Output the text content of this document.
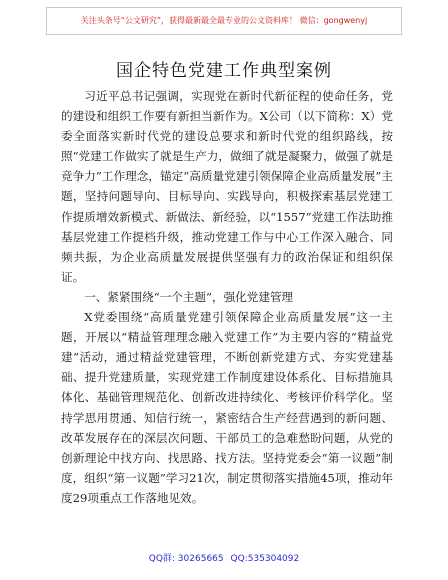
关注头条号“公文研究”，获得最新最全最专业的公文资料库！ 微信：gongwenyj
国企特色党建工作典型案例

习近平总书记强调，实现党在新时代新征程的使命任务，党的建设和组织工作要有新担当新作为。X公司（以下简称：X）党委全面落实新时代党的建设总要求和新时代党的组织路线，按照“党建工作做实了就是生产力，做细了就是凝聚力，做强了就是竞争力”工作理念，锚定“高质量党建引领保障企业高质量发展”主题，坚持问题导向、目标导向、实践导向，积极探索基层党建工作提质增效新模式、新做法、新经验，以“1557”党建工作法助推基层党建工作提档升级，推动党建工作与中心工作深入融合、同频共振，为企业高质量发展提供坚强有力的政治保证和组织保证。

一、紧紧围绕“一个主题”，强化党建管理

X党委围绕“高质量党建引领保障企业高质量发展”这一主题，开展以“精益管理理念融入党建工作”为主要内容的“精益党建”活动，通过精益党建管理，不断创新党建方式、夯实党建基础、提升党建质量，实现党建工作制度建设体系化、目标措施具体化、基础管理规范化、创新改进持续化、考核评价科学化。坚持学思用贯通、知信行统一，紧密结合生产经营遇到的新问题、改革发展存在的深层次问题、干部员工的急难愁盼问题，从党的创新理论中找方向、找思路、找方法。坚持党委会“第一议题”制度，组织“第一议题”学习21次，制定贯彻落实措施45项，推动年度29项重点工作落地见效。

QQ群: 30265665 QQ:535304092
